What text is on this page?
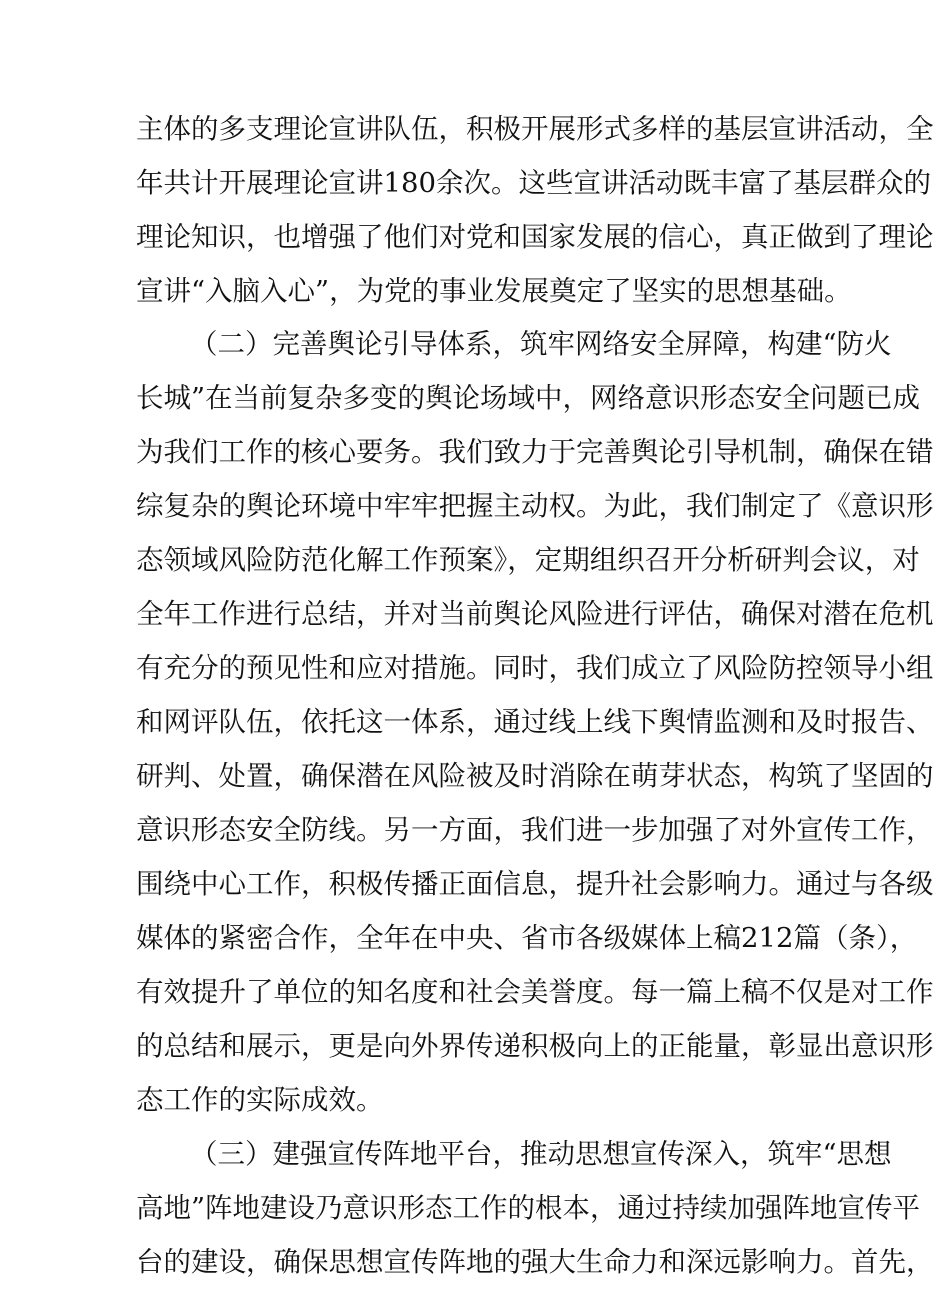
主体的多支理论宣讲队伍，积极开展形式多样的基层宣讲活动，全
年共计开展理论宣讲180余次。这些宣讲活动既丰富了基层群众的
理论知识，也增强了他们对党和国家发展的信心，真正做到了理论
宣讲“入脑入心”，为党的事业发展奠定了坚实的思想基础。
（二）完善舆论引导体系，筑牢网络安全屏障，构建“防火
长城”在当前复杂多变的舆论场域中，网络意识形态安全问题已成
为我们工作的核心要务。我们致力于完善舆论引导机制，确保在错
综复杂的舆论环境中牢牢把握主动权。为此，我们制定了《意识形
态领域风险防范化解工作预案》，定期组织召开分析研判会议，对
全年工作进行总结，并对当前舆论风险进行评估，确保对潜在危机
有充分的预见性和应对措施。同时，我们成立了风险防控领导小组
和网评队伍，依托这一体系，通过线上线下舆情监测和及时报告、
研判、处置，确保潜在风险被及时消除在萌芽状态，构筑了坚固的
意识形态安全防线。另一方面，我们进一步加强了对外宣传工作，
围绕中心工作，积极传播正面信息，提升社会影响力。通过与各级
媒体的紧密合作，全年在中央、省市各级媒体上稿212篇（条），
有效提升了单位的知名度和社会美誉度。每一篇上稿不仅是对工作
的总结和展示，更是向外界传递积极向上的正能量，彰显出意识形
态工作的实际成效。
（三）建强宣传阵地平台，推动思想宣传深入，筑牢“思想
高地”阵地建设乃意识形态工作的根本，通过持续加强阵地宣传平
台的建设，确保思想宣传阵地的强大生命力和深远影响力。首先，
